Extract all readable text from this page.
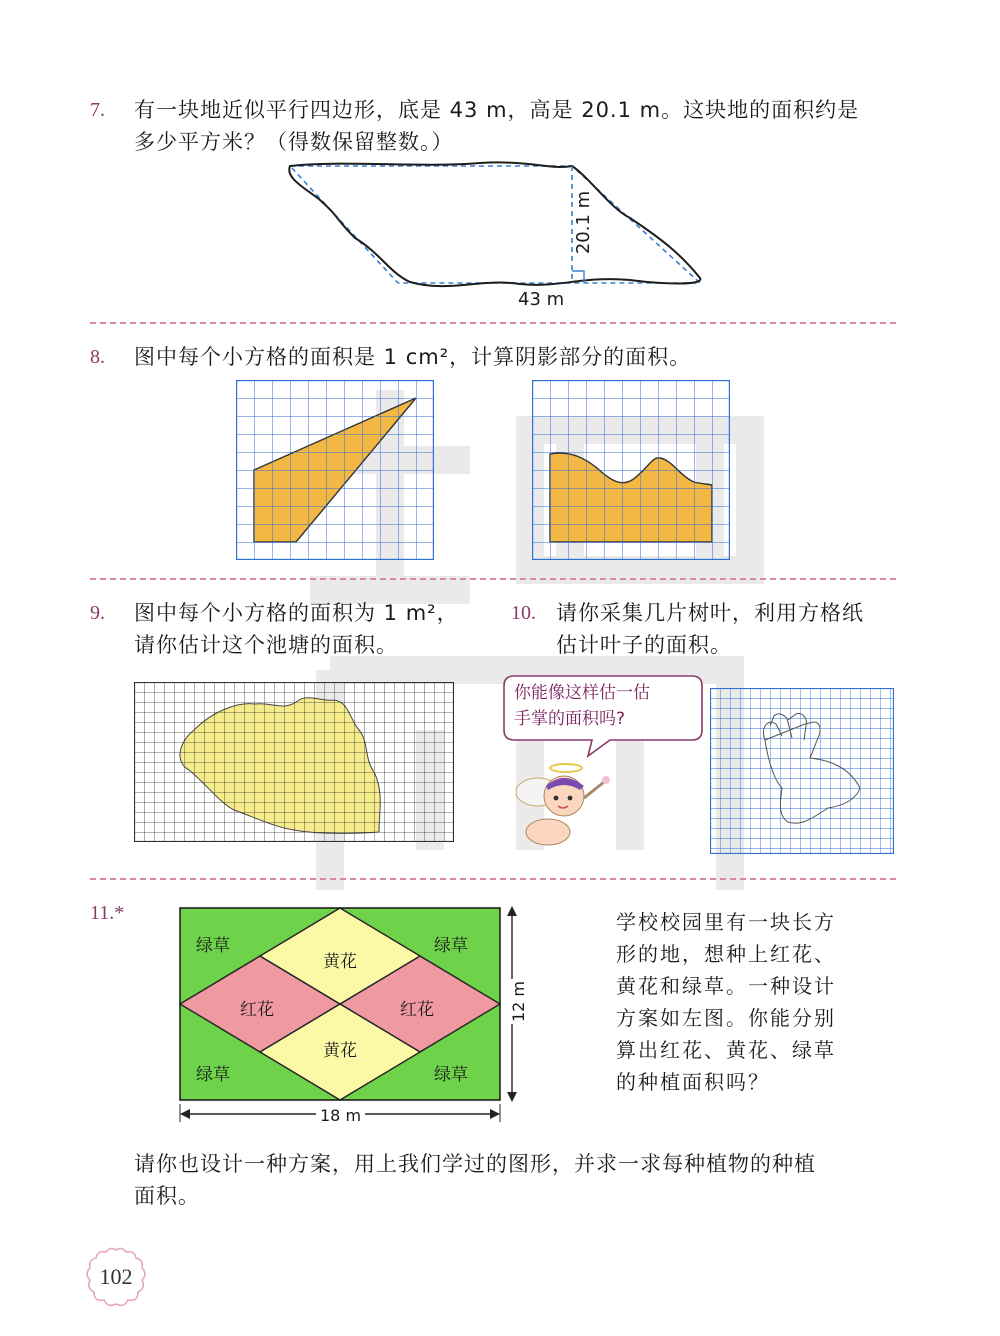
7. 有一块地近似平行四边形，底是 43 m，高是 20.1 m。这块地的面积约是
多少平方米？（得数保留整数。）
20.1 m
43 m
8. 图中每个小方格的面积是 1 cm²，计算阴影部分的面积。
9. 图中每个小方格的面积为 1 m²，
请你估计这个池塘的面积。
10. 请你采集几片树叶，利用方格纸
估计叶子的面积。
你能像这样估一估
手掌的面积吗?
11.*
绿草	绿草
绿草	绿草
黄花
黄花
红花	红花	12 m
18 m
学校校园里有一块长方
形的地，想种上红花、
黄花和绿草。一种设计
方案如左图。你能分别
算出红花、黄花、绿草
的种植面积吗？
请你也设计一种方案，用上我们学过的图形，并求一求每种植物的种植
面积。
102
